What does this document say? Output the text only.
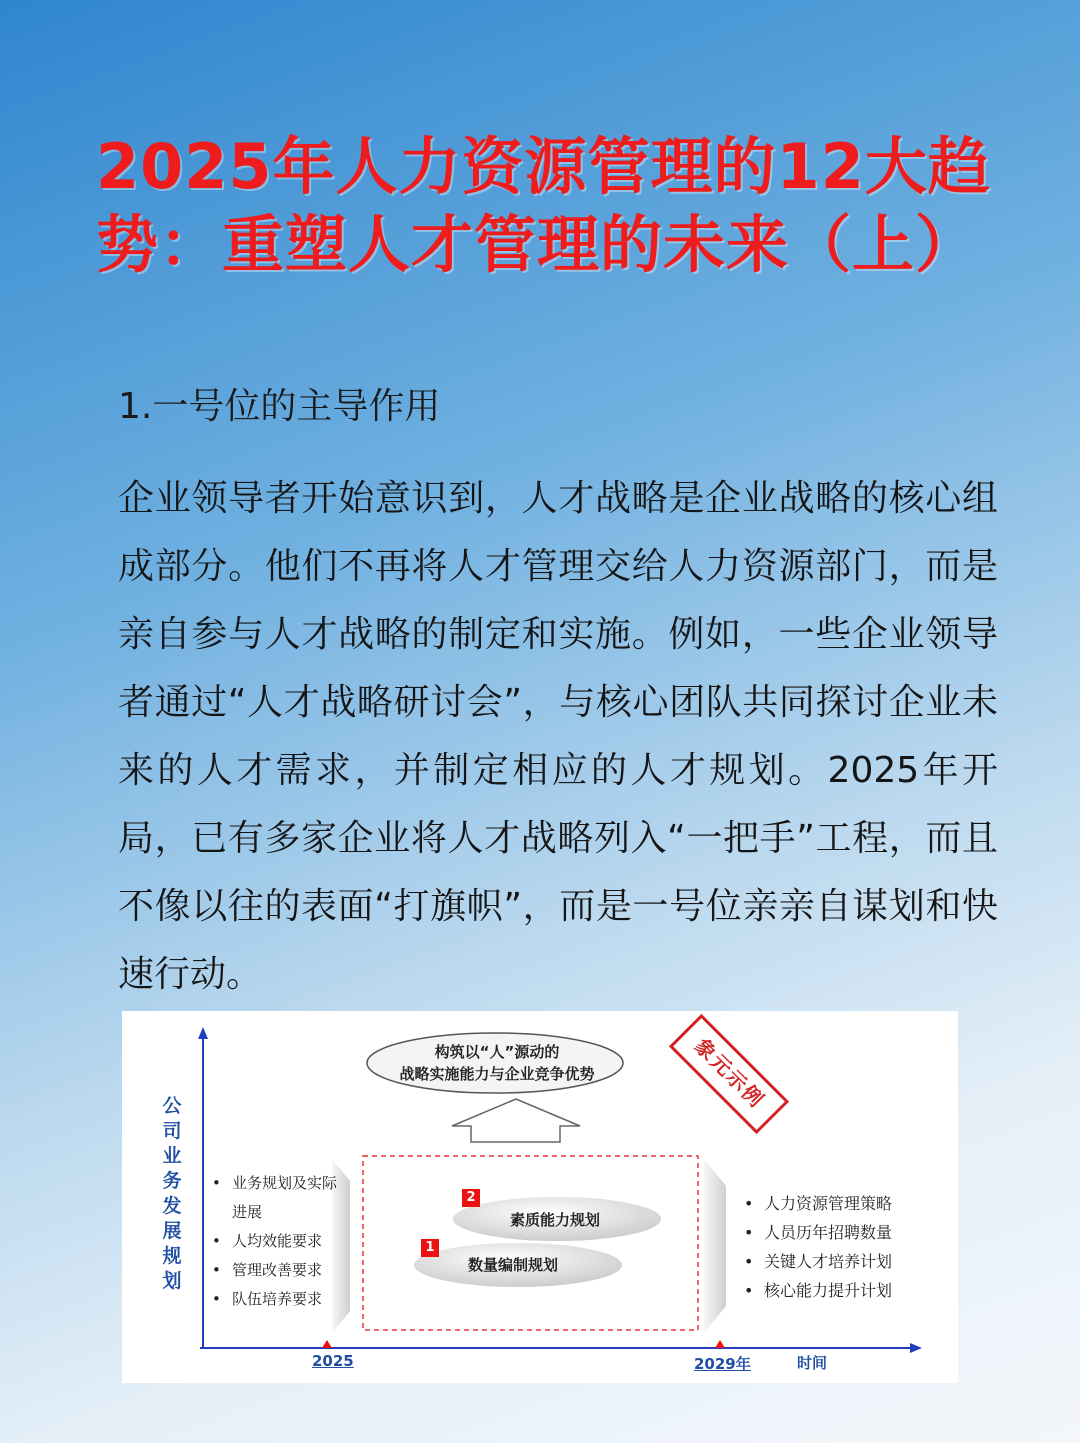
2025年人力资源管理的12大趋势：重塑人才管理的未来（上）
1.一号位的主导作用
企业领导者开始意识到，人才战略是企业战略的核心组成部分。他们不再将人才管理交给人力资源部门，而是亲自参与人才战略的制定和实施。例如，一些企业领导者通过“人才战略研讨会”，与核心团队共同探讨企业未来的人才需求，并制定相应的人才规划。2025年开局，已有多家企业将人才战略列入“一把手”工程，而且不像以往的表面“打旗帜”，而是一号位亲亲自谋划和快速行动。
公司业务发展规划
构筑以“人”源动的
战略实施能力与企业竞争优势	象元示例
• 业务规划及实际进展
• 人均效能要求
• 管理改善要求
• 队伍培养要求
2
素质能力规划
1
数量编制规划
• 人力资源管理策略
• 人员历年招聘数量
• 关键人才培养计划
• 核心能力提升计划
2025	2029年	时间
